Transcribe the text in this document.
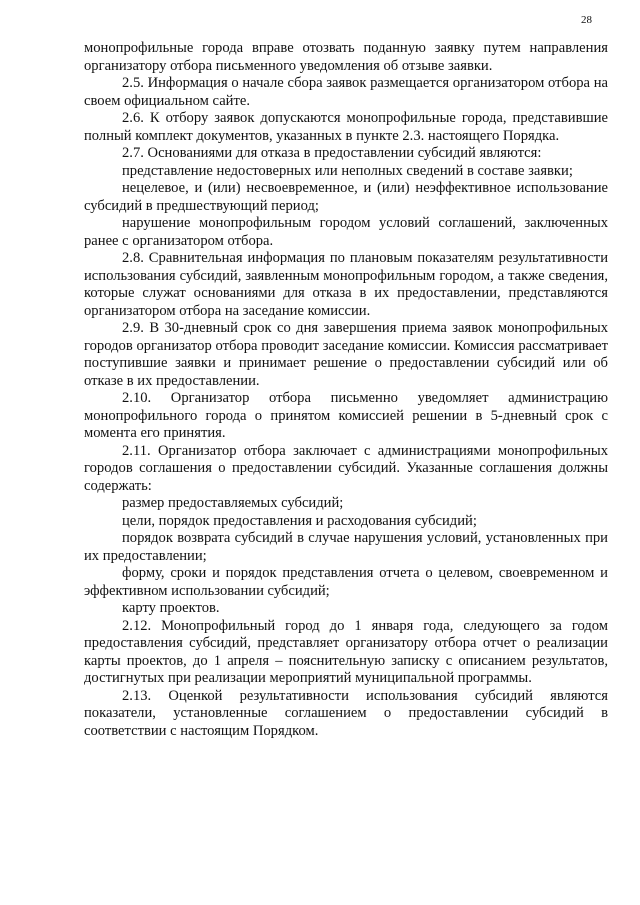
28

монопрофильные города вправе отозвать поданную заявку путем направления организатору отбора письменного уведомления об отзыве заявки.

2.5. Информация о начале сбора заявок размещается организатором отбора на своем официальном сайте.

2.6. К отбору заявок допускаются монопрофильные города, представившие полный комплект документов, указанных в пункте 2.3. настоящего Порядка.

2.7. Основаниями для отказа в предоставлении субсидий являются:

представление недостоверных или неполных сведений в составе заявки;

нецелевое, и (или) несвоевременное, и (или) неэффективное использование субсидий в предшествующий период;

нарушение монопрофильным городом условий соглашений, заключенных ранее с организатором отбора.

2.8. Сравнительная информация по плановым показателям результативности использования субсидий, заявленным монопрофильным городом, а также сведения, которые служат основаниями для отказа в их предоставлении, представляются организатором отбора на заседание комиссии.

2.9. В 30-дневный срок со дня завершения приема заявок монопрофильных городов организатор отбора проводит заседание комиссии. Комиссия рассматривает поступившие заявки и принимает решение о предоставлении субсидий или об отказе в их предоставлении.

2.10. Организатор отбора письменно уведомляет администрацию монопрофильного города о принятом комиссией решении в 5-дневный срок с момента его принятия.

2.11. Организатор отбора заключает с администрациями монопрофильных городов соглашения о предоставлении субсидий. Указанные соглашения должны содержать:

размер предоставляемых субсидий;

цели, порядок предоставления и расходования субсидий;

порядок возврата субсидий в случае нарушения условий, установленных при их предоставлении;

форму, сроки и порядок представления отчета о целевом, своевременном и эффективном использовании субсидий;

карту проектов.

2.12. Монопрофильный город до 1 января года, следующего за годом предоставления субсидий, представляет организатору отбора отчет о реализации карты проектов, до 1 апреля – пояснительную записку с описанием результатов, достигнутых при реализации мероприятий муниципальной программы.

2.13. Оценкой результативности использования субсидий являются показатели, установленные соглашением о предоставлении субсидий в соответствии с настоящим Порядком.
